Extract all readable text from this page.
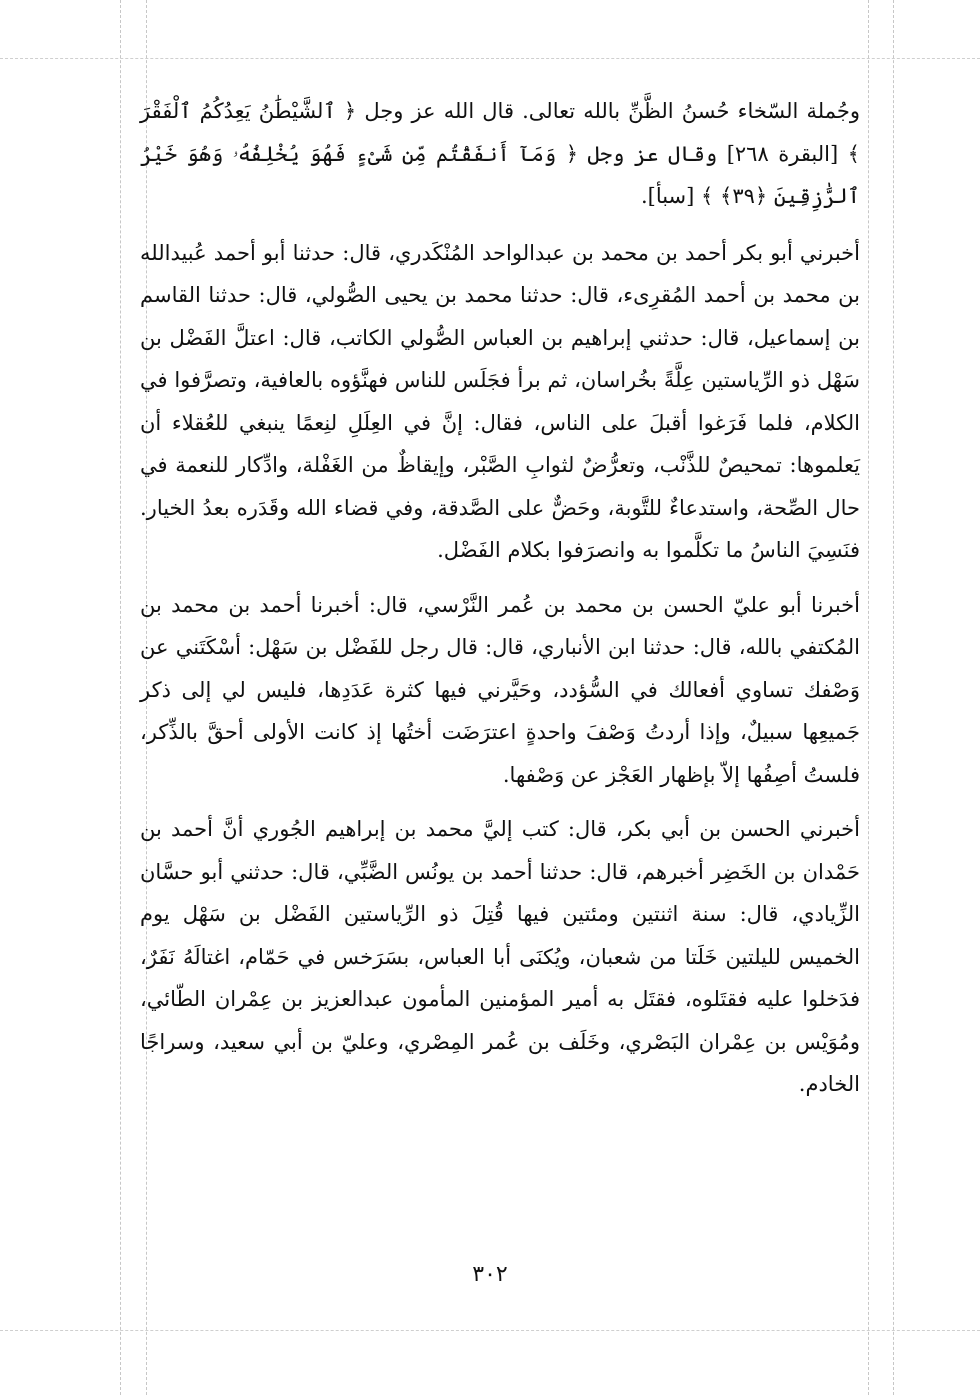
وجُملة السّخاء حُسنُ الظَّنِّ بالله تعالى. قال الله عز وجل ﴿ ٱلشَّيْطَٰنُ يَعِدُكُمُ ٱلْفَقْرَ ﴾ [البقرة ٢٦٨] وقال عز وجل ﴿ وَمَآ أَنفَقْتُم مِّن شَىْءٍ فَهُوَ يُخْلِفُهُۥ وَهُوَ خَيْرُ ٱلرَّٰزِقِينَ ﴿٣٩﴾ ﴾ [سبأ].

أخبرني أبو بكر أحمد بن محمد بن عبدالواحد المُنْكَدري، قال: حدثنا أبو أحمد عُبيدالله بن محمد بن أحمد المُقرِىء، قال: حدثنا محمد بن يحيى الصُّولي، قال: حدثنا القاسم بن إسماعيل، قال: حدثني إبراهيم بن العباس الصُّولي الكاتب، قال: اعتلَّ الفَضْل بن سَهْل ذو الرِّياستين عِلَّةً بخُراسان، ثم برأ فجَلَس للناس فهنَّؤوه بالعافية، وتصرَّفوا في الكلام، فلما فَرَغوا أقبلَ على الناس، فقال: إنَّ في العِلَلِ لنِعمًا ينبغي للعُقلاء أن يَعلموها: تمحيصٌ للذَّنْب، وتعرُّضٌ لثوابِ الصَّبْر، وإيقاظٌ من الغَفْلة، وادِّكار للنعمة في حال الصِّحة، واستدعاءٌ للتَّوبة، وحَضٌّ على الصَّدقة، وفي قضاء الله وقَدَره بعدُ الخيار. فنَسِيَ الناسُ ما تكلَّموا به وانصرَفوا بكلام الفَضْل.

أخبرنا أبو عليّ الحسن بن محمد بن عُمر النَّرْسي، قال: أخبرنا أحمد بن محمد بن المُكتفي بالله، قال: حدثنا ابن الأنباري، قال: قال رجل للفَضْل بن سَهْل: أسْكَتَني عن وَصْفك تساوي أفعالك في السُّؤدد، وحَيَّرني فيها كثرة عَدَدِها، فليس لي إلى ذكر جَميعِها سبيلٌ، وإذا أردتُ وَصْفَ واحدةٍ اعترَضَت أختُها إذ كانت الأولى أحقَّ بالذِّكر، فلستُ أصِفُها إلاّ بإظهار العَجْز عن وَصْفها.

أخبرني الحسن بن أبي بكر، قال: كتب إليَّ محمد بن إبراهيم الجُوري أنَّ أحمد بن حَمْدان بن الخَضِر أخبرهم، قال: حدثنا أحمد بن يونُس الضَّبِّي، قال: حدثني أبو حسَّان الزِّيادي، قال: سنة اثنتين ومئتين فيها قُتِلَ ذو الرِّياستين الفَضْل بن سَهْل يوم الخميس لليلتين خَلَتا من شعبان، ويُكنَى أبا العباس، بسَرَخس في حَمّام، اغتالَهُ نَفَرٌ، فدَخلوا عليه فقتَلوه، فقتَل به أمير المؤمنين المأمون عبدالعزيز بن عِمْران الطّائي، ومُوَيْس بن عِمْران البَصْري، وخَلَف بن عُمر المِصْري، وعليّ بن أبي سعيد، وسراجًا الخادم.

٣٠٢
